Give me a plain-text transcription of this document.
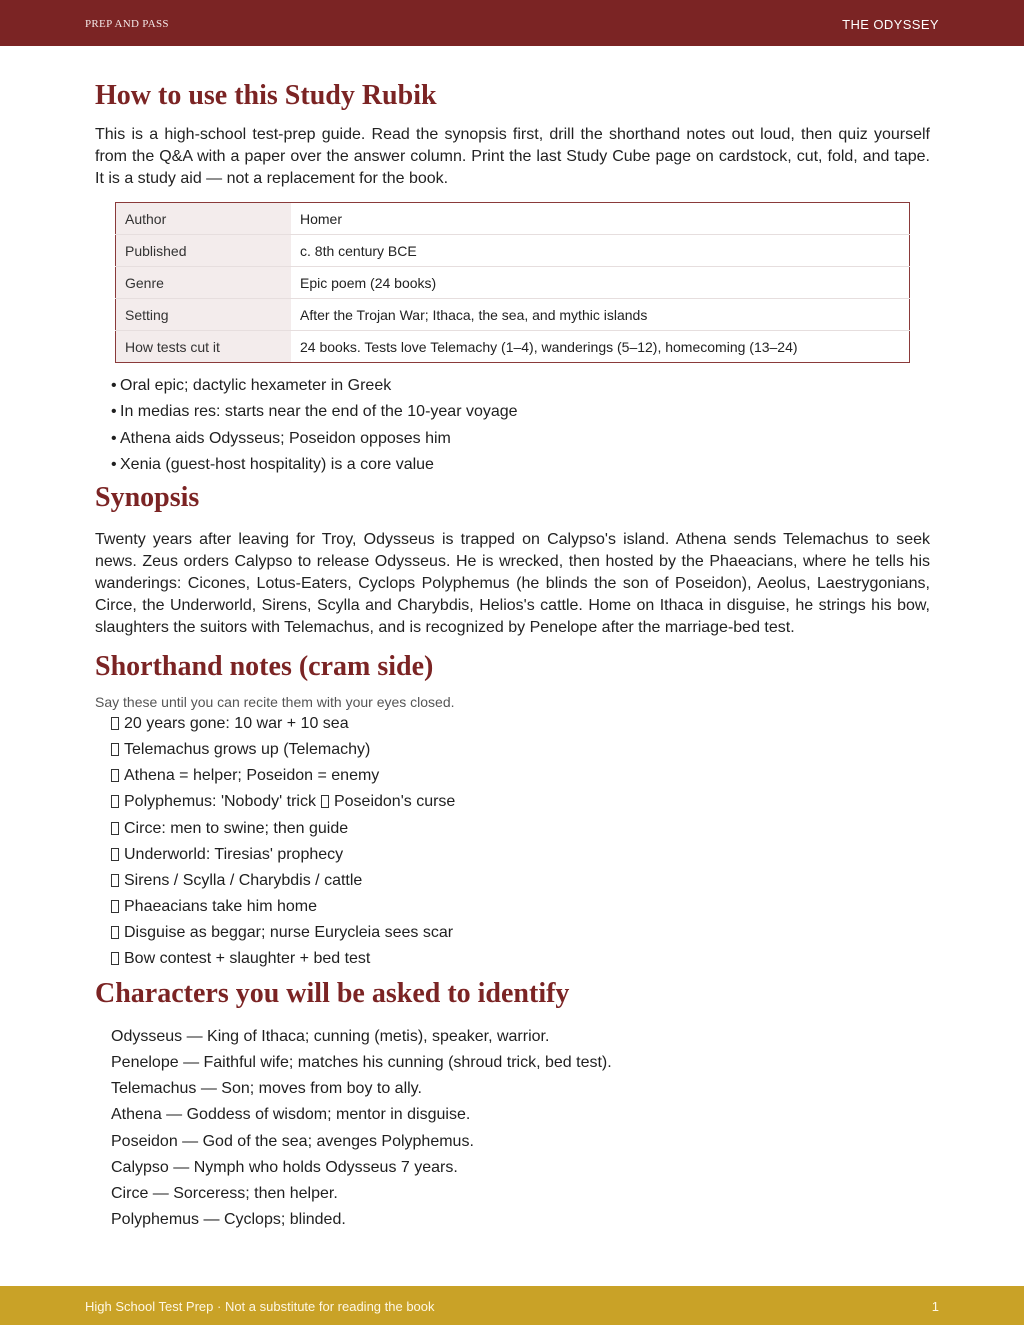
PREP AND PASS	THE ODYSSEY
How to use this Study Rubik

This is a high-school test-prep guide. Read the synopsis first, drill the shorthand notes out loud, then quiz yourself from the Q&A with a paper over the answer column. Print the last Study Cube page on cardstock, cut, fold, and tape. It is a study aid — not a replacement for the book.

Author	Homer
Published	c. 8th century BCE
Genre	Epic poem (24 books)
Setting	After the Trojan War; Ithaca, the sea, and mythic islands
How tests cut it	24 books. Tests love Telemachy (1–4), wanderings (5–12), homecoming (13–24)
• Oral epic; dactylic hexameter in Greek
• In medias res: starts near the end of the 10-year voyage
• Athena aids Odysseus; Poseidon opposes him
• Xenia (guest-host hospitality) is a core value
Synopsis

Twenty years after leaving for Troy, Odysseus is trapped on Calypso's island. Athena sends Telemachus to seek news. Zeus orders Calypso to release Odysseus. He is wrecked, then hosted by the Phaeacians, where he tells his wanderings: Cicones, Lotus-Eaters, Cyclops Polyphemus (he blinds the son of Poseidon), Aeolus, Laestrygonians, Circe, the Underworld, Sirens, Scylla and Charybdis, Helios's cattle. Home on Ithaca in disguise, he strings his bow, slaughters the suitors with Telemachus, and is recognized by Penelope after the marriage-bed test.

Shorthand notes (cram side)

Say these until you can recite them with your eyes closed.

20 years gone: 10 war + 10 sea
Telemachus grows up (Telemachy)
Athena = helper; Poseidon = enemy
Polyphemus: 'Nobody' trick Poseidon's curse
Circe: men to swine; then guide
Underworld: Tiresias' prophecy
Sirens / Scylla / Charybdis / cattle
Phaeacians take him home
Disguise as beggar; nurse Eurycleia sees scar
Bow contest + slaughter + bed test
Characters you will be asked to identify
Odysseus — King of Ithaca; cunning (metis), speaker, warrior.
Penelope — Faithful wife; matches his cunning (shroud trick, bed test).
Telemachus — Son; moves from boy to ally.
Athena — Goddess of wisdom; mentor in disguise.
Poseidon — God of the sea; avenges Polyphemus.
Calypso — Nymph who holds Odysseus 7 years.
Circe — Sorceress; then helper.
Polyphemus — Cyclops; blinded.
High School Test Prep · Not a substitute for reading the book	1
